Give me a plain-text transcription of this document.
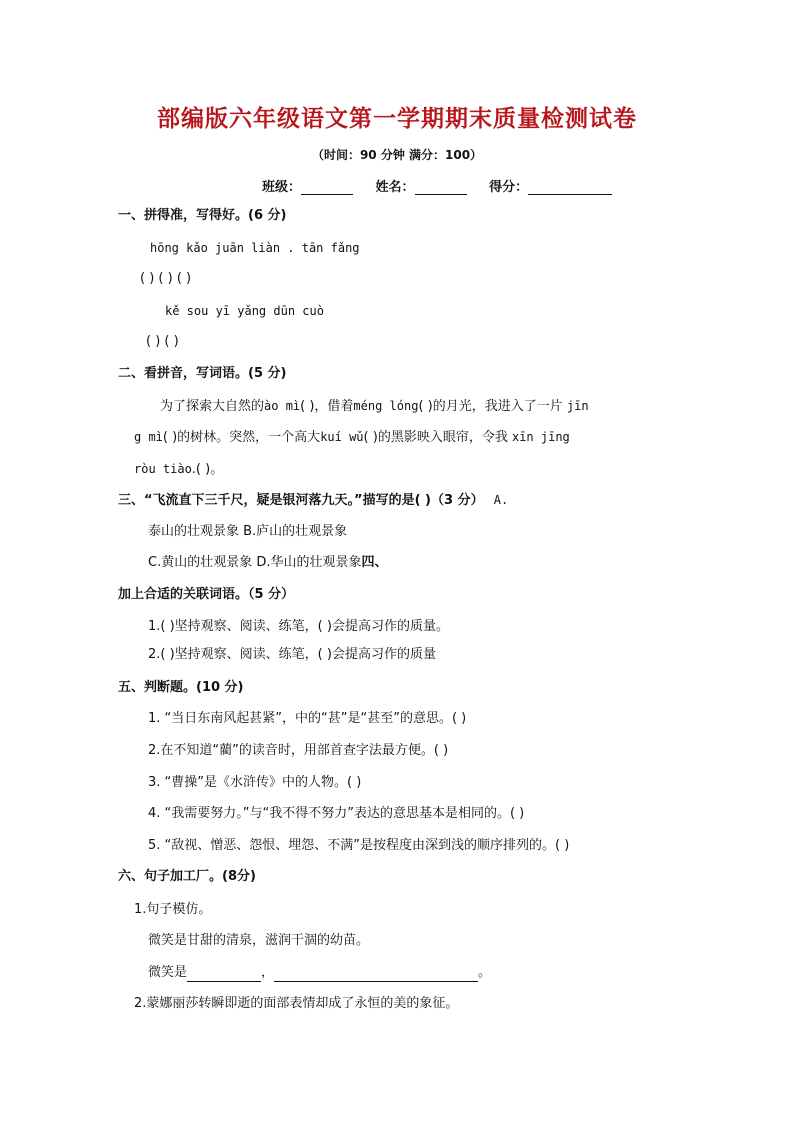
部编版六年级语文第一学期期末质量检测试卷
（时间：90 分钟 满分：100）
班级：	姓名：	得分：
一、拼得准，写得好。(6 分)
hōng kǎo juān liàn . tān fǎng
( ) ( ) ( )
kě sou yī yǎng dūn cuò
( ) ( )
二、看拼音，写词语。(5 分)
为了探索大自然的ào mì( )，借着méng lóng( )的月光，我进入了一片 jīn
g mì( )的树林。突然，一个高大kuí wǔ( )的黑影映入眼帘，令我 xīn jīng
ròu tiào.( )。
三、“飞流直下三千尺，疑是银河落九天。”描写的是( )（3 分） A.
泰山的壮观景象 B.庐山的壮观景象
C.黄山的壮观景象 D.华山的壮观景象四、
加上合适的关联词语。（5 分）
1.( )坚持观察、阅读、练笔，( )会提高习作的质量。
2.( )坚持观察、阅读、练笔，( )会提高习作的质量
五、判断题。(10 分)
1. “当日东南风起甚紧”，中的“甚”是“甚至”的意思。( )
2.在不知道“藺”的读音时，用部首查字法最方便。( )
3. “曹操”是《水浒传》中的人物。( )
4. “我需要努力。”与“我不得不努力”表达的意思基本是相同的。( )
5. “敌视、憎恶、怨恨、埋怨、不满”是按程度由深到浅的顺序排列的。( )
六、句子加工厂。(8分)
1.句子模仿。
微笑是甘甜的清泉，滋润干涸的幼苗。
微笑是	，	。
2.蒙娜丽莎转瞬即逝的面部表情却成了永恒的美的象征。
